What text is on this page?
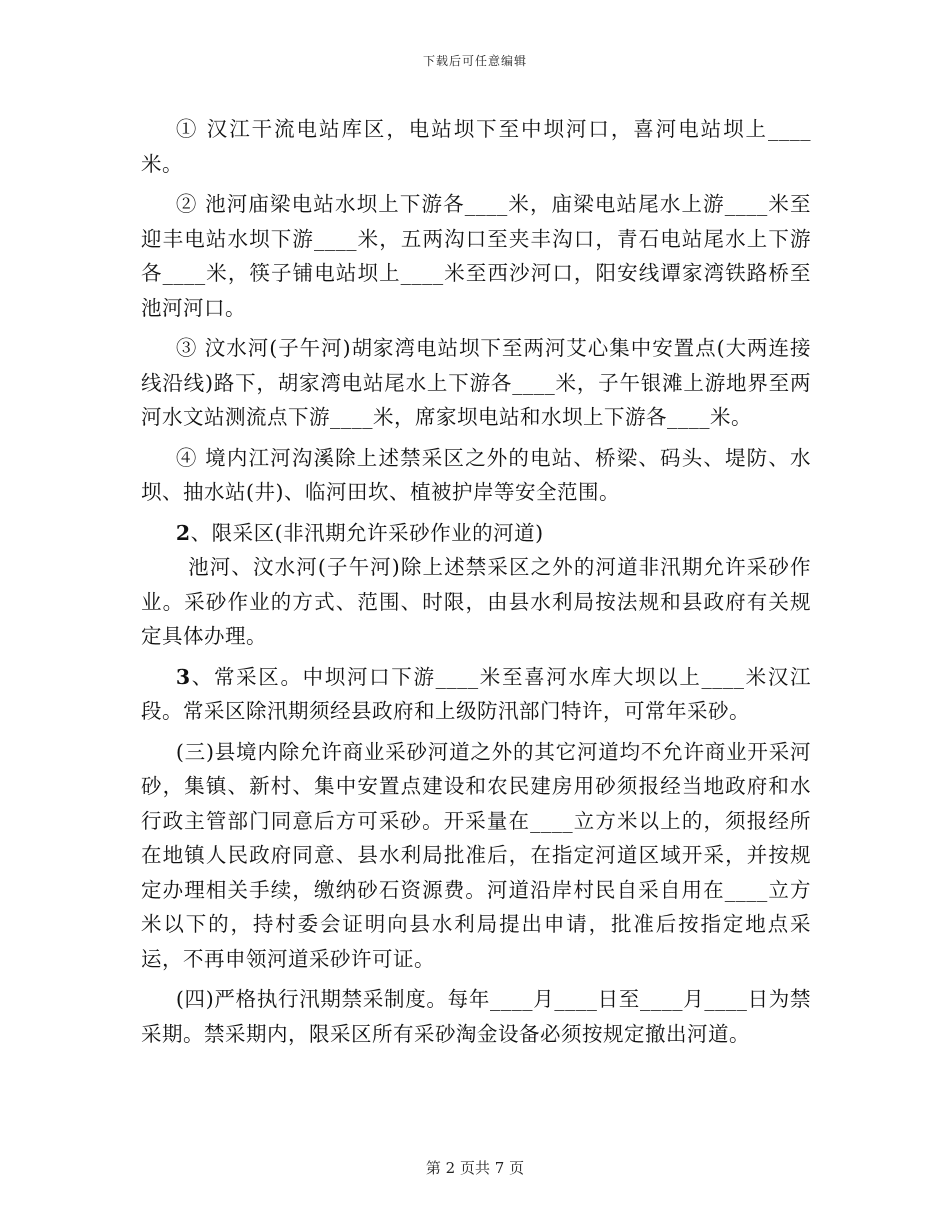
下载后可任意编辑

① 汉江干流电站库区，电站坝下至中坝河口，喜河电站坝上____米。

② 池河庙梁电站水坝上下游各____米，庙梁电站尾水上游____米至迎丰电站水坝下游____米，五两沟口至夹丰沟口，青石电站尾水上下游各____米，筷子铺电站坝上____米至西沙河口，阳安线谭家湾铁路桥至池河河口。

③ 汶水河(子午河)胡家湾电站坝下至两河艾心集中安置点(大两连接线沿线)路下，胡家湾电站尾水上下游各____米，子午银滩上游地界至两河水文站测流点下游____米，席家坝电站和水坝上下游各____米。

④ 境内江河沟溪除上述禁采区之外的电站、桥梁、码头、堤防、水坝、抽水站(井)、临河田坎、植被护岸等安全范围。

2、限采区(非汛期允许采砂作业的河道)

池河、汶水河(子午河)除上述禁采区之外的河道非汛期允许采砂作业。采砂作业的方式、范围、时限，由县水利局按法规和县政府有关规定具体办理。

3、常采区。中坝河口下游____米至喜河水库大坝以上____米汉江段。常采区除汛期须经县政府和上级防汛部门特许，可常年采砂。

(三)县境内除允许商业采砂河道之外的其它河道均不允许商业开采河砂，集镇、新村、集中安置点建设和农民建房用砂须报经当地政府和水行政主管部门同意后方可采砂。开采量在____立方米以上的，须报经所在地镇人民政府同意、县水利局批准后，在指定河道区域开采，并按规定办理相关手续，缴纳砂石资源费。河道沿岸村民自采自用在____立方米以下的，持村委会证明向县水利局提出申请，批准后按指定地点采运，不再申领河道采砂许可证。

(四)严格执行汛期禁采制度。每年____月____日至____月____日为禁采期。禁采期内，限采区所有采砂淘金设备必须按规定撤出河道。

第 2 页共 7 页
